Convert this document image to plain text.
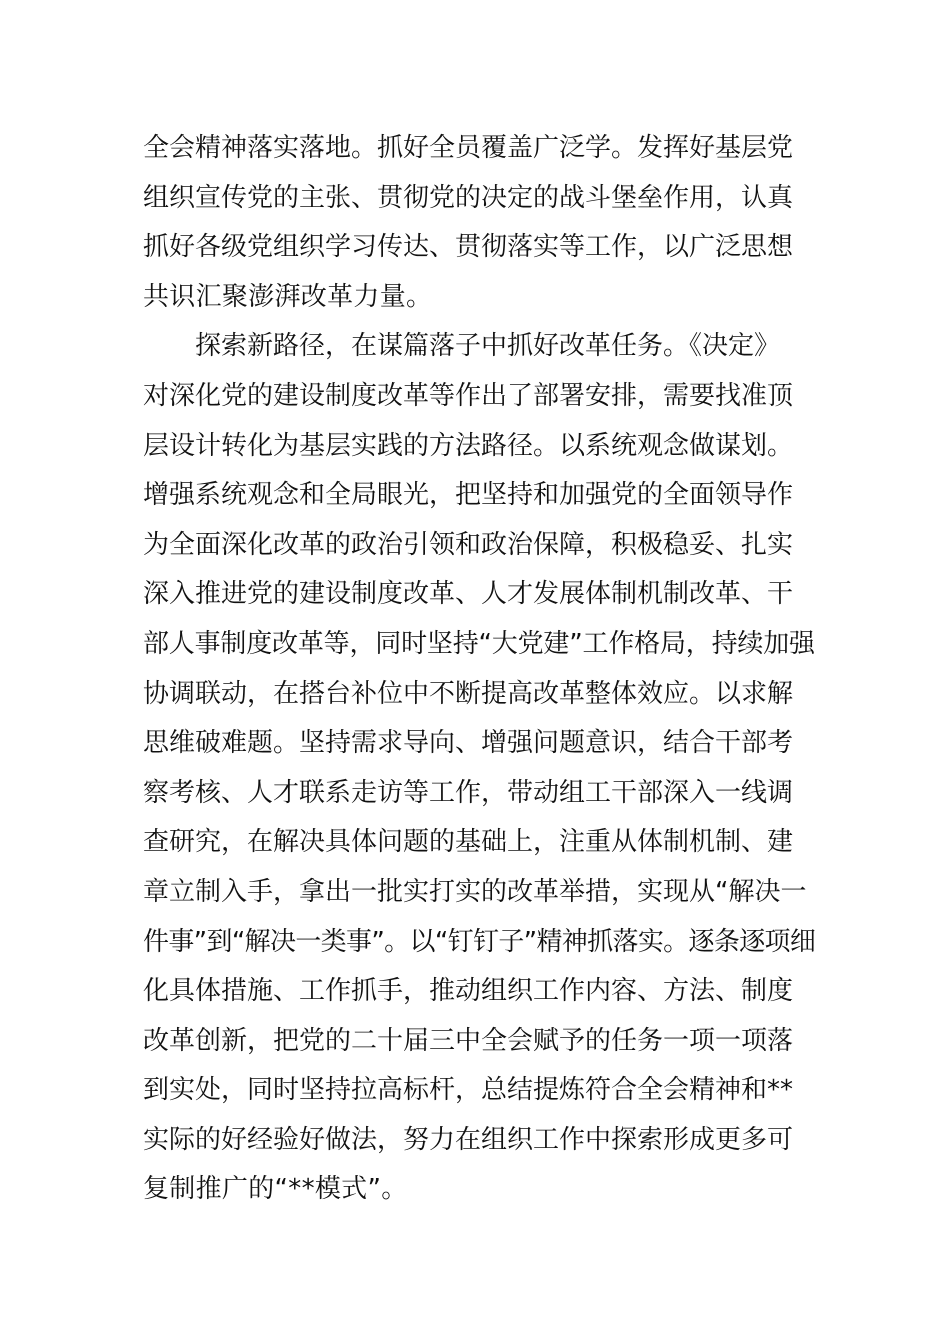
全会精神落实落地。抓好全员覆盖广泛学。发挥好基层党
组织宣传党的主张、贯彻党的决定的战斗堡垒作用，认真
抓好各级党组织学习传达、贯彻落实等工作，以广泛思想
共识汇聚澎湃改革力量。

探索新路径，在谋篇落子中抓好改革任务。《决定》
对深化党的建设制度改革等作出了部署安排，需要找准顶
层设计转化为基层实践的方法路径。以系统观念做谋划。
增强系统观念和全局眼光，把坚持和加强党的全面领导作
为全面深化改革的政治引领和政治保障，积极稳妥、扎实
深入推进党的建设制度改革、人才发展体制机制改革、干
部人事制度改革等，同时坚持“大党建”工作格局，持续加强
协调联动，在搭台补位中不断提高改革整体效应。以求解
思维破难题。坚持需求导向、增强问题意识，结合干部考
察考核、人才联系走访等工作，带动组工干部深入一线调
查研究，在解决具体问题的基础上，注重从体制机制、建
章立制入手，拿出一批实打实的改革举措，实现从“解决一
件事”到“解决一类事”。以“钉钉子”精神抓落实。逐条逐项细
化具体措施、工作抓手，推动组织工作内容、方法、制度
改革创新，把党的二十届三中全会赋予的任务一项一项落
到实处，同时坚持拉高标杆，总结提炼符合全会精神和**
实际的好经验好做法，努力在组织工作中探索形成更多可
复制推广的“**模式”。
